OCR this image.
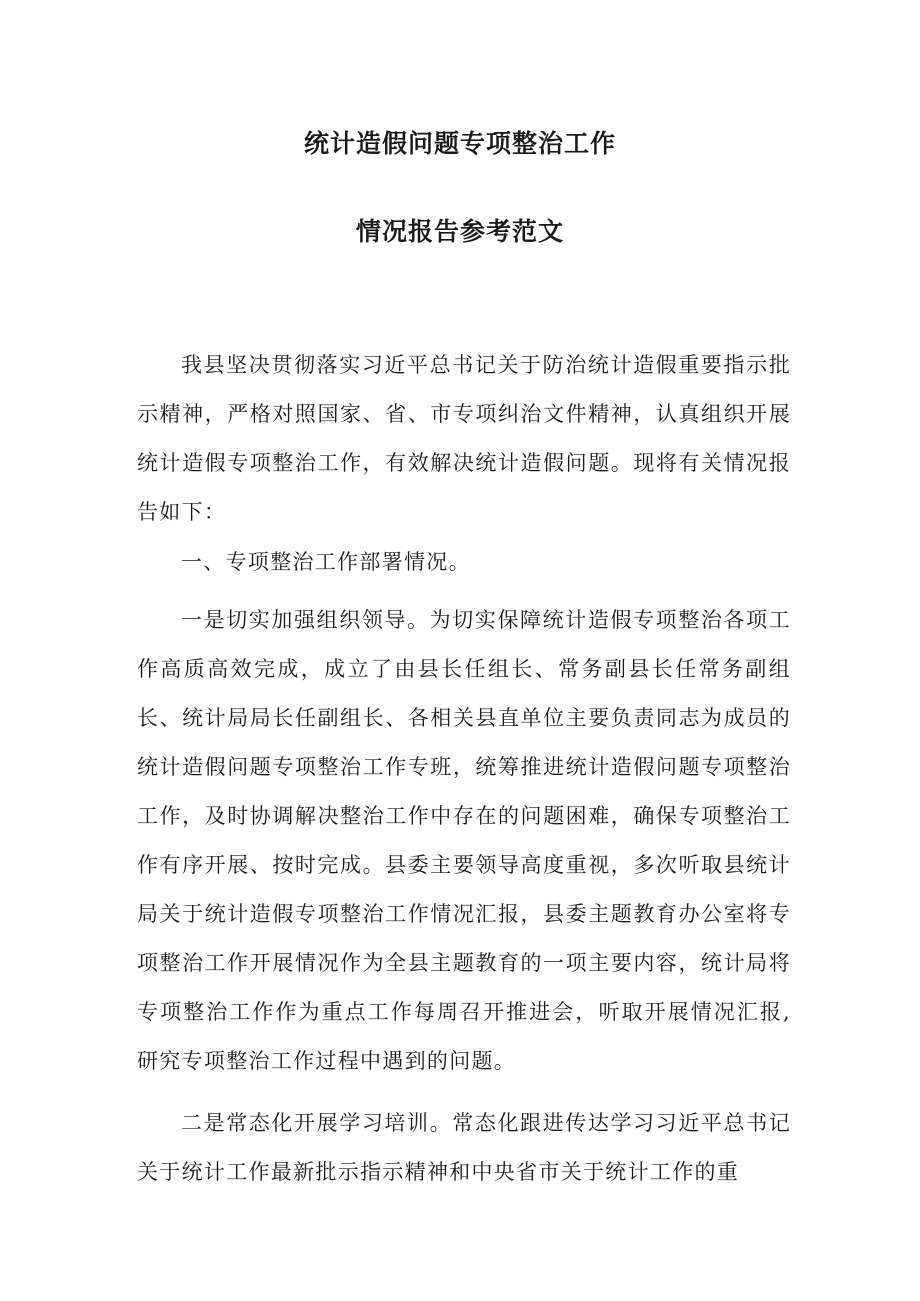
统计造假问题专项整治工作
情况报告参考范文

我县坚决贯彻落实习近平总书记关于防治统计造假重要指示批示精神，严格对照国家、省、市专项纠治文件精神，认真组织开展统计造假专项整治工作，有效解决统计造假问题。现将有关情况报告如下：

一、专项整治工作部署情况。

一是切实加强组织领导。为切实保障统计造假专项整治各项工作高质高效完成，成立了由县长任组长、常务副县长任常务副组长、统计局局长任副组长、各相关县直单位主要负责同志为成员的统计造假问题专项整治工作专班，统筹推进统计造假问题专项整治工作，及时协调解决整治工作中存在的问题困难，确保专项整治工作有序开展、按时完成。县委主要领导高度重视，多次听取县统计局关于统计造假专项整治工作情况汇报，县委主题教育办公室将专项整治工作开展情况作为全县主题教育的一项主要内容，统计局将专项整治工作作为重点工作每周召开推进会，听取开展情况汇报,研究专项整治工作过程中遇到的问题。

二是常态化开展学习培训。常态化跟进传达学习习近平总书记关于统计工作最新批示指示精神和中央省市关于统计工作的重
